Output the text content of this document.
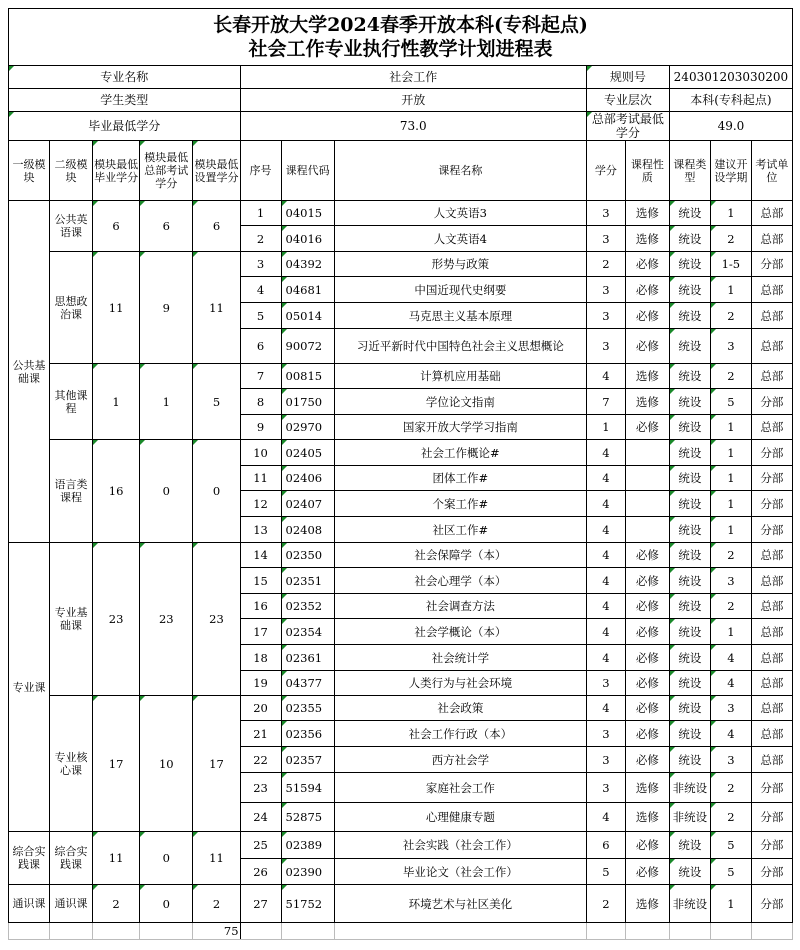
长春开放大学2024春季开放本科(专科起点)
社会工作专业执行性教学计划进程表												

专业名称					社会工作			规则号		240301203030200		
学生类型					开放			专业层次		本科(专科起点)		
毕业最低学分					73.0			总部考试最低学分		49.0		
一级模块	二级模块	模块最低毕业学分	模块最低总部考试学分	模块最低设置学分	序号	课程代码	课程名称	学分	课程性质	课程类型	建议开设学期	考试单位
公共基础课	公共英语课	6	6	6	1	04015	人文英语3	3	选修	统设	1	总部
					2	04016	人文英语4	3	选修	统设	2	总部
	思想政治课	11	9	11	3	04392	形势与政策	2	必修	统设	1-5	分部
					4	04681	中国近现代史纲要	3	必修	统设	1	总部
					5	05014	马克思主义基本原理	3	必修	统设	2	总部
					6	90072	习近平新时代中国特色社会主义思想概论	3	必修	统设	3	总部
	其他课程	1	1	5	7	00815	计算机应用基础	4	选修	统设	2	总部
					8	01750	学位论文指南	7	选修	统设	5	分部
					9	02970	国家开放大学学习指南	1	必修	统设	1	总部
	语言类课程	16	0	0	10	02405	社会工作概论#	4		统设	1	分部
					11	02406	团体工作#	4		统设	1	分部
					12	02407	个案工作#	4		统设	1	分部
					13	02408	社区工作#	4		统设	1	分部
专业课	专业基础课	23	23	23	14	02350	社会保障学（本）	4	必修	统设	2	总部
					15	02351	社会心理学（本）	4	必修	统设	3	总部
					16	02352	社会调查方法	4	必修	统设	2	总部
					17	02354	社会学概论（本）	4	必修	统设	1	总部
					18	02361	社会统计学	4	必修	统设	4	总部
					19	04377	人类行为与社会环境	3	必修	统设	4	总部
	专业核心课	17	10	17	20	02355	社会政策	4	必修	统设	3	总部
					21	02356	社会工作行政（本）	3	必修	统设	4	总部
					22	02357	西方社会学	3	必修	统设	3	总部
					23	51594	家庭社会工作	3	选修	非统设	2	分部
					24	52875	心理健康专题	4	选修	非统设	2	分部
综合实践课	综合实践课	11	0	11	25	02389	社会实践（社会工作）	6	必修	统设	5	分部
					26	02390	毕业论文（社会工作）	5	必修	统设	5	分部
通识课	通识课	2	0	2	27	51752	环境艺术与社区美化	2	选修	非统设	1	分部
				75								
